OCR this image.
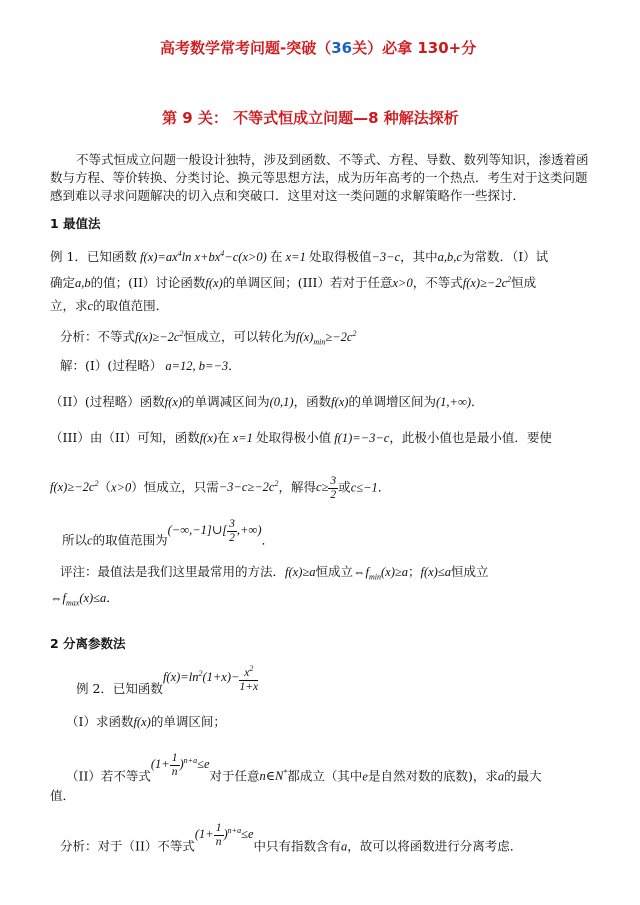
高考数学常考问题-突破（36关）必拿 130+分
第 9 关： 不等式恒成立问题—8 种解法探析
不等式恒成立问题一般设计独特，涉及到函数、不等式、方程、导数、数列等知识，渗透着函
数与方程、等价转换、分类讨论、换元等思想方法，成为历年高考的一个热点．考生对于这类问题
感到难以寻求问题解决的切入点和突破口．这里对这一类问题的求解策略作一些探讨．
1 最值法
例 1．已知函数 $f(x)=ax^4\ln$ $x+bx^4-c(x>0)$ 在 x=1 处取得极值−3−c，其中a,b,c为常数．（I）试
确定a,b的值；(II）讨论函数f(x)的单调区间；(III）若对于任意x>0，不等式$f(x)\ge-2c^2$恒成
立，求c的取值范围．
分析：不等式$f(x)\ge-2c^2$恒成立，可以转化为$f(x)_{min}\ge-2c^2$
解：(I）(过程略） a=12, b=−3．
（II）(过程略）函数f(x)的单调减区间为(0,1)，函数f(x)的单调增区间为(1,+∞)．
（III）由（II）可知，函数f(x)在 x=1 处取得极小值 f(1)=−3−c，此极小值也是最小值．要使
$f(x)\ge-2c^2(x>0)$恒成立，只需$-3-c\ge-2c^2$，解得$c\ge \frac{3}{2}$ 或c≤−1．
所以c的取值范围为(−∞,−1]∪[ $\frac{3}{2}$ ,+∞)．
评注：最值法是我们这里最常用的方法．f(x)≥a恒成立$\Leftrightarrow f_{min}(x)\ge a$；f(x)≤a恒成立
$\Leftrightarrow f_{max}(x)\le a$．
2 分离参数法
例 2．已知函数$f(x)=\ln^2(1+x)- \frac{x^2}{1+x}$
（I）求函数f(x)的单调区间；
（II）若不等式$(1+ \frac{1}{n} )^{n+a}\le e$对于任意n∈N*都成立（其中e是自然对数的底数)，求a的最大
值．
分析：对于（II）不等式$(1+ \frac{1}{n} )^{n+a}\le e$中只有指数含有a，故可以将函数进行分离考虑．
